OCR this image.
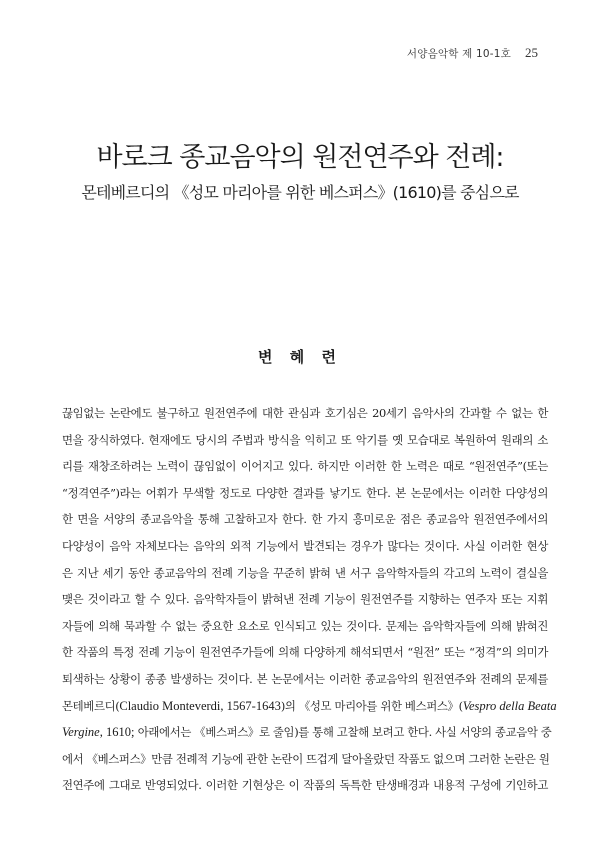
서양음악학 제 10-1호 25
바로크 종교음악의 원전연주와 전례:
몬테베르디의 《성모 마리아를 위한 베스퍼스》(1610)를 중심으로
변 혜 련
끊임없는 논란에도 불구하고 원전연주에 대한 관심과 호기심은 20세기 음악사의 간과할 수 없는 한
면을 장식하였다. 현재에도 당시의 주법과 방식을 익히고 또 악기를 옛 모습대로 복원하여 원래의 소
리를 재창조하려는 노력이 끊임없이 이어지고 있다. 하지만 이러한 한 노력은 때로 “원전연주”(또는
“정격연주”)라는 어휘가 무색할 정도로 다양한 결과를 낳기도 한다. 본 논문에서는 이러한 다양성의
한 면을 서양의 종교음악을 통해 고찰하고자 한다. 한 가지 흥미로운 점은 종교음악 원전연주에서의
다양성이 음악 자체보다는 음악의 외적 기능에서 발견되는 경우가 많다는 것이다. 사실 이러한 현상
은 지난 세기 동안 종교음악의 전례 기능을 꾸준히 밝혀 낸 서구 음악학자들의 각고의 노력이 결실을
맺은 것이라고 할 수 있다. 음악학자들이 밝혀낸 전례 기능이 원전연주를 지향하는 연주자 또는 지휘
자들에 의해 묵과할 수 없는 중요한 요소로 인식되고 있는 것이다. 문제는 음악학자들에 의해 밝혀진
한 작품의 특정 전례 기능이 원전연주가들에 의해 다양하게 해석되면서 “원전” 또는 “정격”의 의미가
퇴색하는 상황이 종종 발생하는 것이다. 본 논문에서는 이러한 종교음악의 원전연주와 전례의 문제를
몬테베르디(Claudio Monteverdi, 1567-1643)의 《성모 마리아를 위한 베스퍼스》(Vespro della Beata
Vergine, 1610; 아래에서는 《베스퍼스》로 줄임)를 통해 고찰해 보려고 한다. 사실 서양의 종교음악 중
에서 《베스퍼스》만큼 전례적 기능에 관한 논란이 뜨겁게 달아올랐던 작품도 없으며 그러한 논란은 원
전연주에 그대로 반영되었다. 이러한 기현상은 이 작품의 독특한 탄생배경과 내용적 구성에 기인하고
